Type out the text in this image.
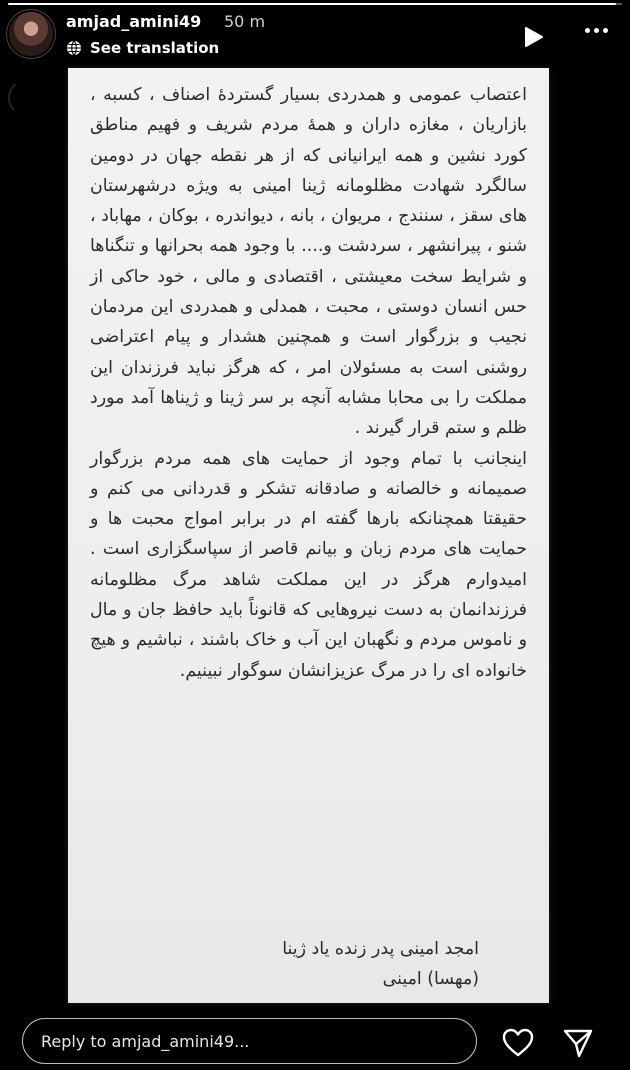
amjad_amini49 50 m
See translation
اعتصاب عمومی و همدردی بسیار گستردهٔ اصناف ، کسبه ، بازاریان ، مغازه داران و همهٔ مردم شریف و فهیم مناطق کورد نشین و همه ایرانیانی که از هر نقطه جهان در دومین سالگرد شهادت مظلومانه ژینا امینی به ویژه درشهرستان های سقز ، سنندج ، مریوان ، بانه ، دیواندره ، بوکان ، مهاباد ، شنو ، پیرانشهر ، سردشت و.... با وجود همه بحرانها و تنگناها و شرایط سخت معیشتی ، اقتصادی و مالی ، خود حاکی از حس انسان دوستی ، محبت ، همدلی و همدردی این مردمان نجیب و بزرگوار است و همچنین هشدار و پیام اعتراضی روشنی است به مسئولان امر ، که هرگز نباید فرزندان این مملکت را بی محابا مشابه آنچه بر سر ژینا و ژیناها آمد مورد ظلم و ستم قرار گیرند .
اینجانب با تمام وجود از حمایت های همه مردم بزرگوار صمیمانه و خالصانه و صادقانه تشکر و قدردانی می کنم و حقیقتا همچنانکه بارها گفته ام در برابر امواج محبت ها و حمایت های مردم زبان و بیانم قاصر از سپاسگزاری است . امیدوارم هرگز در این مملکت شاهد مرگ مظلومانه فرزندانمان به دست نیروهایی که قانوناً باید حافظ جان و مال و ناموس مردم و نگهبان این آب و خاک باشند ، نباشیم و هیچ خانواده ای را در مرگ عزیزانشان سوگوار نبینیم.
امجد امینی پدر زنده یاد ژینا
(مهسا) امینی
Reply to amjad_amini49...
